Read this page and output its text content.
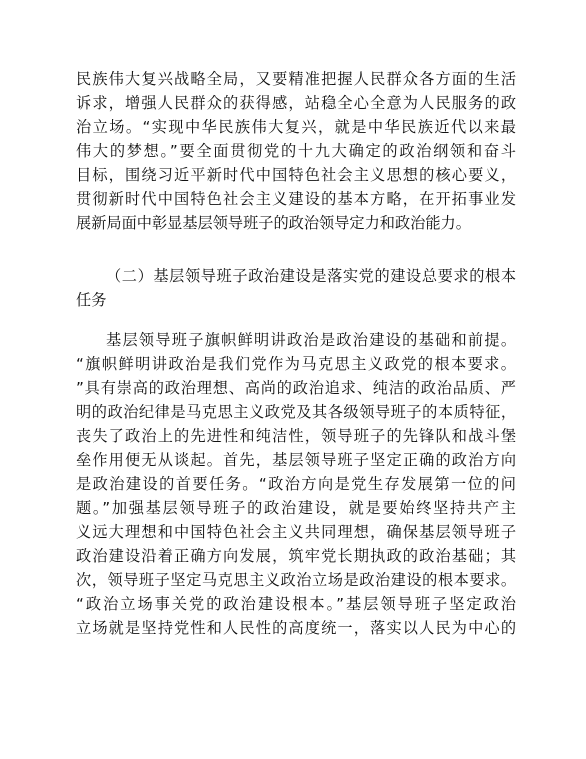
民族伟大复兴战略全局，又要精准把握人民群众各方面的生活
诉求，增强人民群众的获得感，站稳全心全意为人民服务的政
治立场。“实现中华民族伟大复兴，就是中华民族近代以来最
伟大的梦想。”要全面贯彻党的十九大确定的政治纲领和奋斗
目标，围绕习近平新时代中国特色社会主义思想的核心要义，
贯彻新时代中国特色社会主义建设的基本方略，在开拓事业发
展新局面中彰显基层领导班子的政治领导定力和政治能力。
（二）基层领导班子政治建设是落实党的建设总要求的根本
任务
基层领导班子旗帜鲜明讲政治是政治建设的基础和前提。
“旗帜鲜明讲政治是我们党作为马克思主义政党的根本要求。
”具有崇高的政治理想、高尚的政治追求、纯洁的政治品质、严
明的政治纪律是马克思主义政党及其各级领导班子的本质特征，
丧失了政治上的先进性和纯洁性，领导班子的先锋队和战斗堡
垒作用便无从谈起。首先，基层领导班子坚定正确的政治方向
是政治建设的首要任务。“政治方向是党生存发展第一位的问
题。”加强基层领导班子的政治建设，就是要始终坚持共产主
义远大理想和中国特色社会主义共同理想，确保基层领导班子
政治建设沿着正确方向发展，筑牢党长期执政的政治基础；其
次，领导班子坚定马克思主义政治立场是政治建设的根本要求。
“政治立场事关党的政治建设根本。”基层领导班子坚定政治
立场就是坚持党性和人民性的高度统一，落实以人民为中心的
